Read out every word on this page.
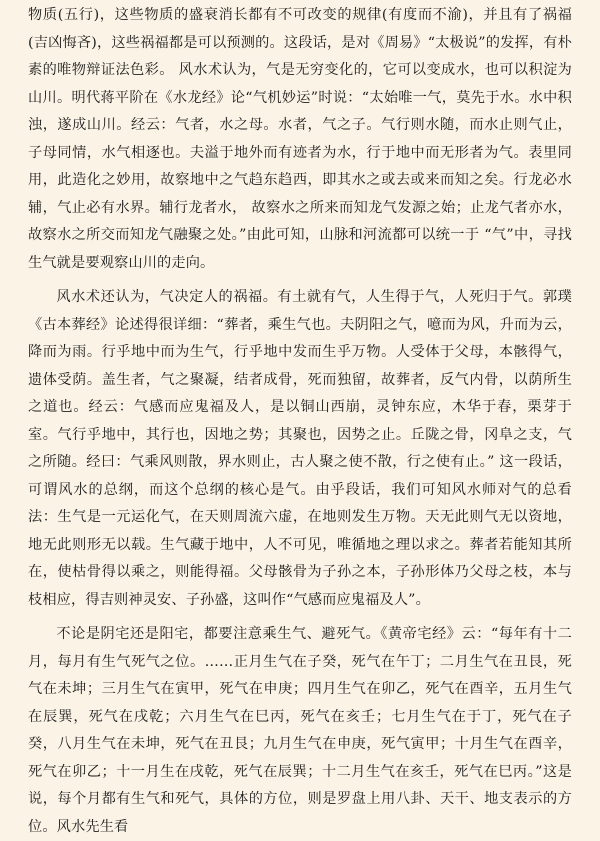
物质(五行)，这些物质的盛衰消长都有不可改变的规律(有度而不渝)，并且有了祸福(吉凶悔吝)，这些祸福都是可以预测的。这段话，是对《周易》“太极说”的发挥，有朴素的唯物辩证法色彩。 风水术认为，气是无穷变化的，它可以变成水，也可以积淀为山川。明代蒋平阶在《水龙经》论“气机妙运”时说：“太始唯一气，莫先于水。水中积浊，遂成山川。经云：气者，水之母。水者，气之子。气行则水随，而水止则气止，子母同情，水气相逐也。夫溢于地外而有迹者为水，行于地中而无形者为气。表里同用，此造化之妙用，故察地中之气趋东趋西，即其水之或去或来而知之矣。行龙必水辅，气止必有水界。辅行龙者水， 故察水之所来而知龙气发源之始；止龙气者亦水，故察水之所交而知龙气融聚之处。”由此可知，山脉和河流都可以统一于 “气”中，寻找生气就是要观察山川的走向。

风水术还认为，气决定人的祸福。有土就有气，人生得于气，人死归于气。郭璞《古本葬经》论述得很详细：“葬者，乘生气也。夫阴阳之气，噫而为风，升而为云，降而为雨。行乎地中而为生气，行乎地中发而生乎万物。人受体于父母，本骸得气，遗体受荫。盖生者，气之聚凝，结者成骨，死而独留，故葬者，反气内骨，以荫所生之道也。经云：气感而应鬼福及人，是以铜山西崩，灵钟东应，木华于春，栗芽于室。气行乎地中，其行也，因地之势；其聚也，因势之止。丘陇之骨，冈阜之支，气之所随。经曰：气乘风则散，界水则止，古人聚之使不散，行之使有止。” 这一段话，可谓风水的总纲，而这个总纲的核心是气。由乎段话，我们可知风水师对气的总看法：生气是一元运化气，在天则周流六虚，在地则发生万物。天无此则气无以资地，地无此则形无以载。生气藏于地中，人不可见，唯循地之理以求之。葬者若能知其所在，使枯骨得以乘之，则能得福。父母骸骨为子孙之本，子孙形体乃父母之枝，本与枝相应，得吉则神灵安、子孙盛，这叫作“气感而应鬼福及人”。

不论是阴宅还是阳宅，都要注意乘生气、避死气。《黄帝宅经》云：“每年有十二月，每月有生气死气之位。……正月生气在子癸，死气在午丁；二月生气在丑艮，死气在未坤；三月生气在寅甲，死气在申庚；四月生气在卯乙，死气在酉辛，五月生气在辰巽，死气在戌乾；六月生气在巳丙，死气在亥壬；七月生气在于丁，死气在子癸，八月生气在未坤，死气在丑艮；九月生气在申庚，死气寅甲；十月生气在酉辛，死气在卯乙；十一月生在戌乾，死气在辰巽；十二月生气在亥壬，死气在巳丙。”这是说，每个月都有生气和死气，具体的方位，则是罗盘上用八卦、天干、地支表示的方位。风水先生看
